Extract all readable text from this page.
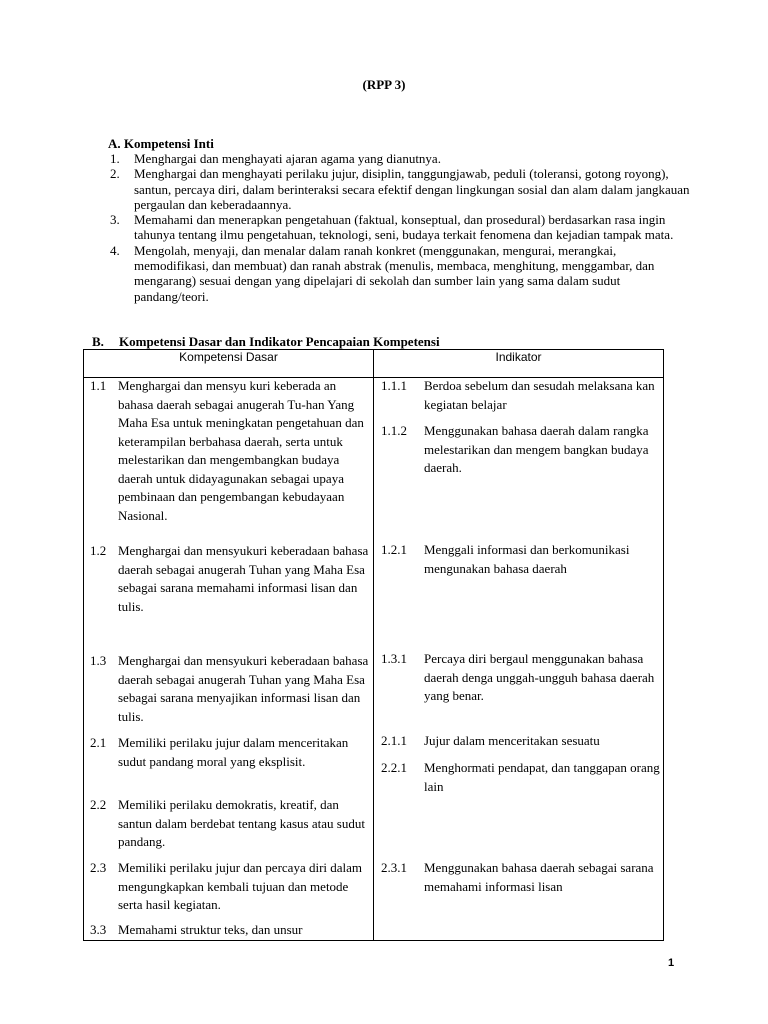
(RPP 3)
A. Kompetensi Inti
1. Menghargai dan menghayati ajaran agama yang dianutnya.
2. Menghargai dan menghayati perilaku jujur, disiplin, tanggungjawab, peduli (toleransi, gotong royong), santun, percaya diri, dalam berinteraksi secara efektif dengan lingkungan sosial dan alam dalam jangkauan pergaulan dan keberadaannya.
3. Memahami dan menerapkan pengetahuan (faktual, konseptual, dan prosedural) berdasarkan rasa ingin tahunya tentang ilmu pengetahuan, teknologi, seni, budaya terkait fenomena dan kejadian tampak mata.
4. Mengolah, menyaji, dan menalar dalam ranah konkret (menggunakan, mengurai, merangkai, memodifikasi, dan membuat) dan ranah abstrak (menulis, membaca, menghitung, menggambar, dan mengarang) sesuai dengan yang dipelajari di sekolah dan sumber lain yang sama dalam sudut pandang/teori.
B. Kompetensi Dasar dan Indikator Pencapaian Kompetensi
Kompetensi Dasar	Indikator
1.1 Menghargai dan mensyu kuri keberada an bahasa daerah sebagai anugerah Tu-han Yang Maha Esa untuk meningkatan pengetahuan dan keterampilan berbahasa daerah, serta untuk melestarikan dan mengembangkan budaya daerah untuk didayagunakan sebagai upaya pembinaan dan pengembangan kebudayaan Nasional.
1.2 Menghargai dan mensyukuri keberadaan bahasa daerah sebagai anugerah Tuhan yang Maha Esa sebagai sarana memahami informasi lisan dan tulis.
1.3 Menghargai dan mensyukuri keberadaan bahasa daerah sebagai anugerah Tuhan yang Maha Esa sebagai sarana menyajikan informasi lisan dan tulis.
2.1 Memiliki perilaku jujur dalam menceritakan sudut pandang moral yang eksplisit.
2.2 Memiliki perilaku demokratis, kreatif, dan santun dalam berdebat tentang kasus atau sudut pandang.
2.3 Memiliki perilaku jujur dan percaya diri dalam mengungkapkan kembali tujuan dan metode serta hasil kegiatan.
3.3 Memahami struktur teks, dan unsur
1.1.1 Berdoa sebelum dan sesudah melaksana kan kegiatan belajar
1.1.2 Menggunakan bahasa daerah dalam rangka melestarikan dan mengem bangkan budaya daerah.
1.2.1 Menggali informasi dan berkomunikasi mengunakan bahasa daerah
1.3.1 Percaya diri bergaul menggunakan bahasa daerah denga unggah-ungguh bahasa daerah yang benar.
2.1.1 Jujur dalam menceritakan sesuatu
2.2.1 Menghormati pendapat, dan tanggapan orang lain
2.3.1 Menggunakan bahasa daerah sebagai sarana memahami informasi lisan
1
